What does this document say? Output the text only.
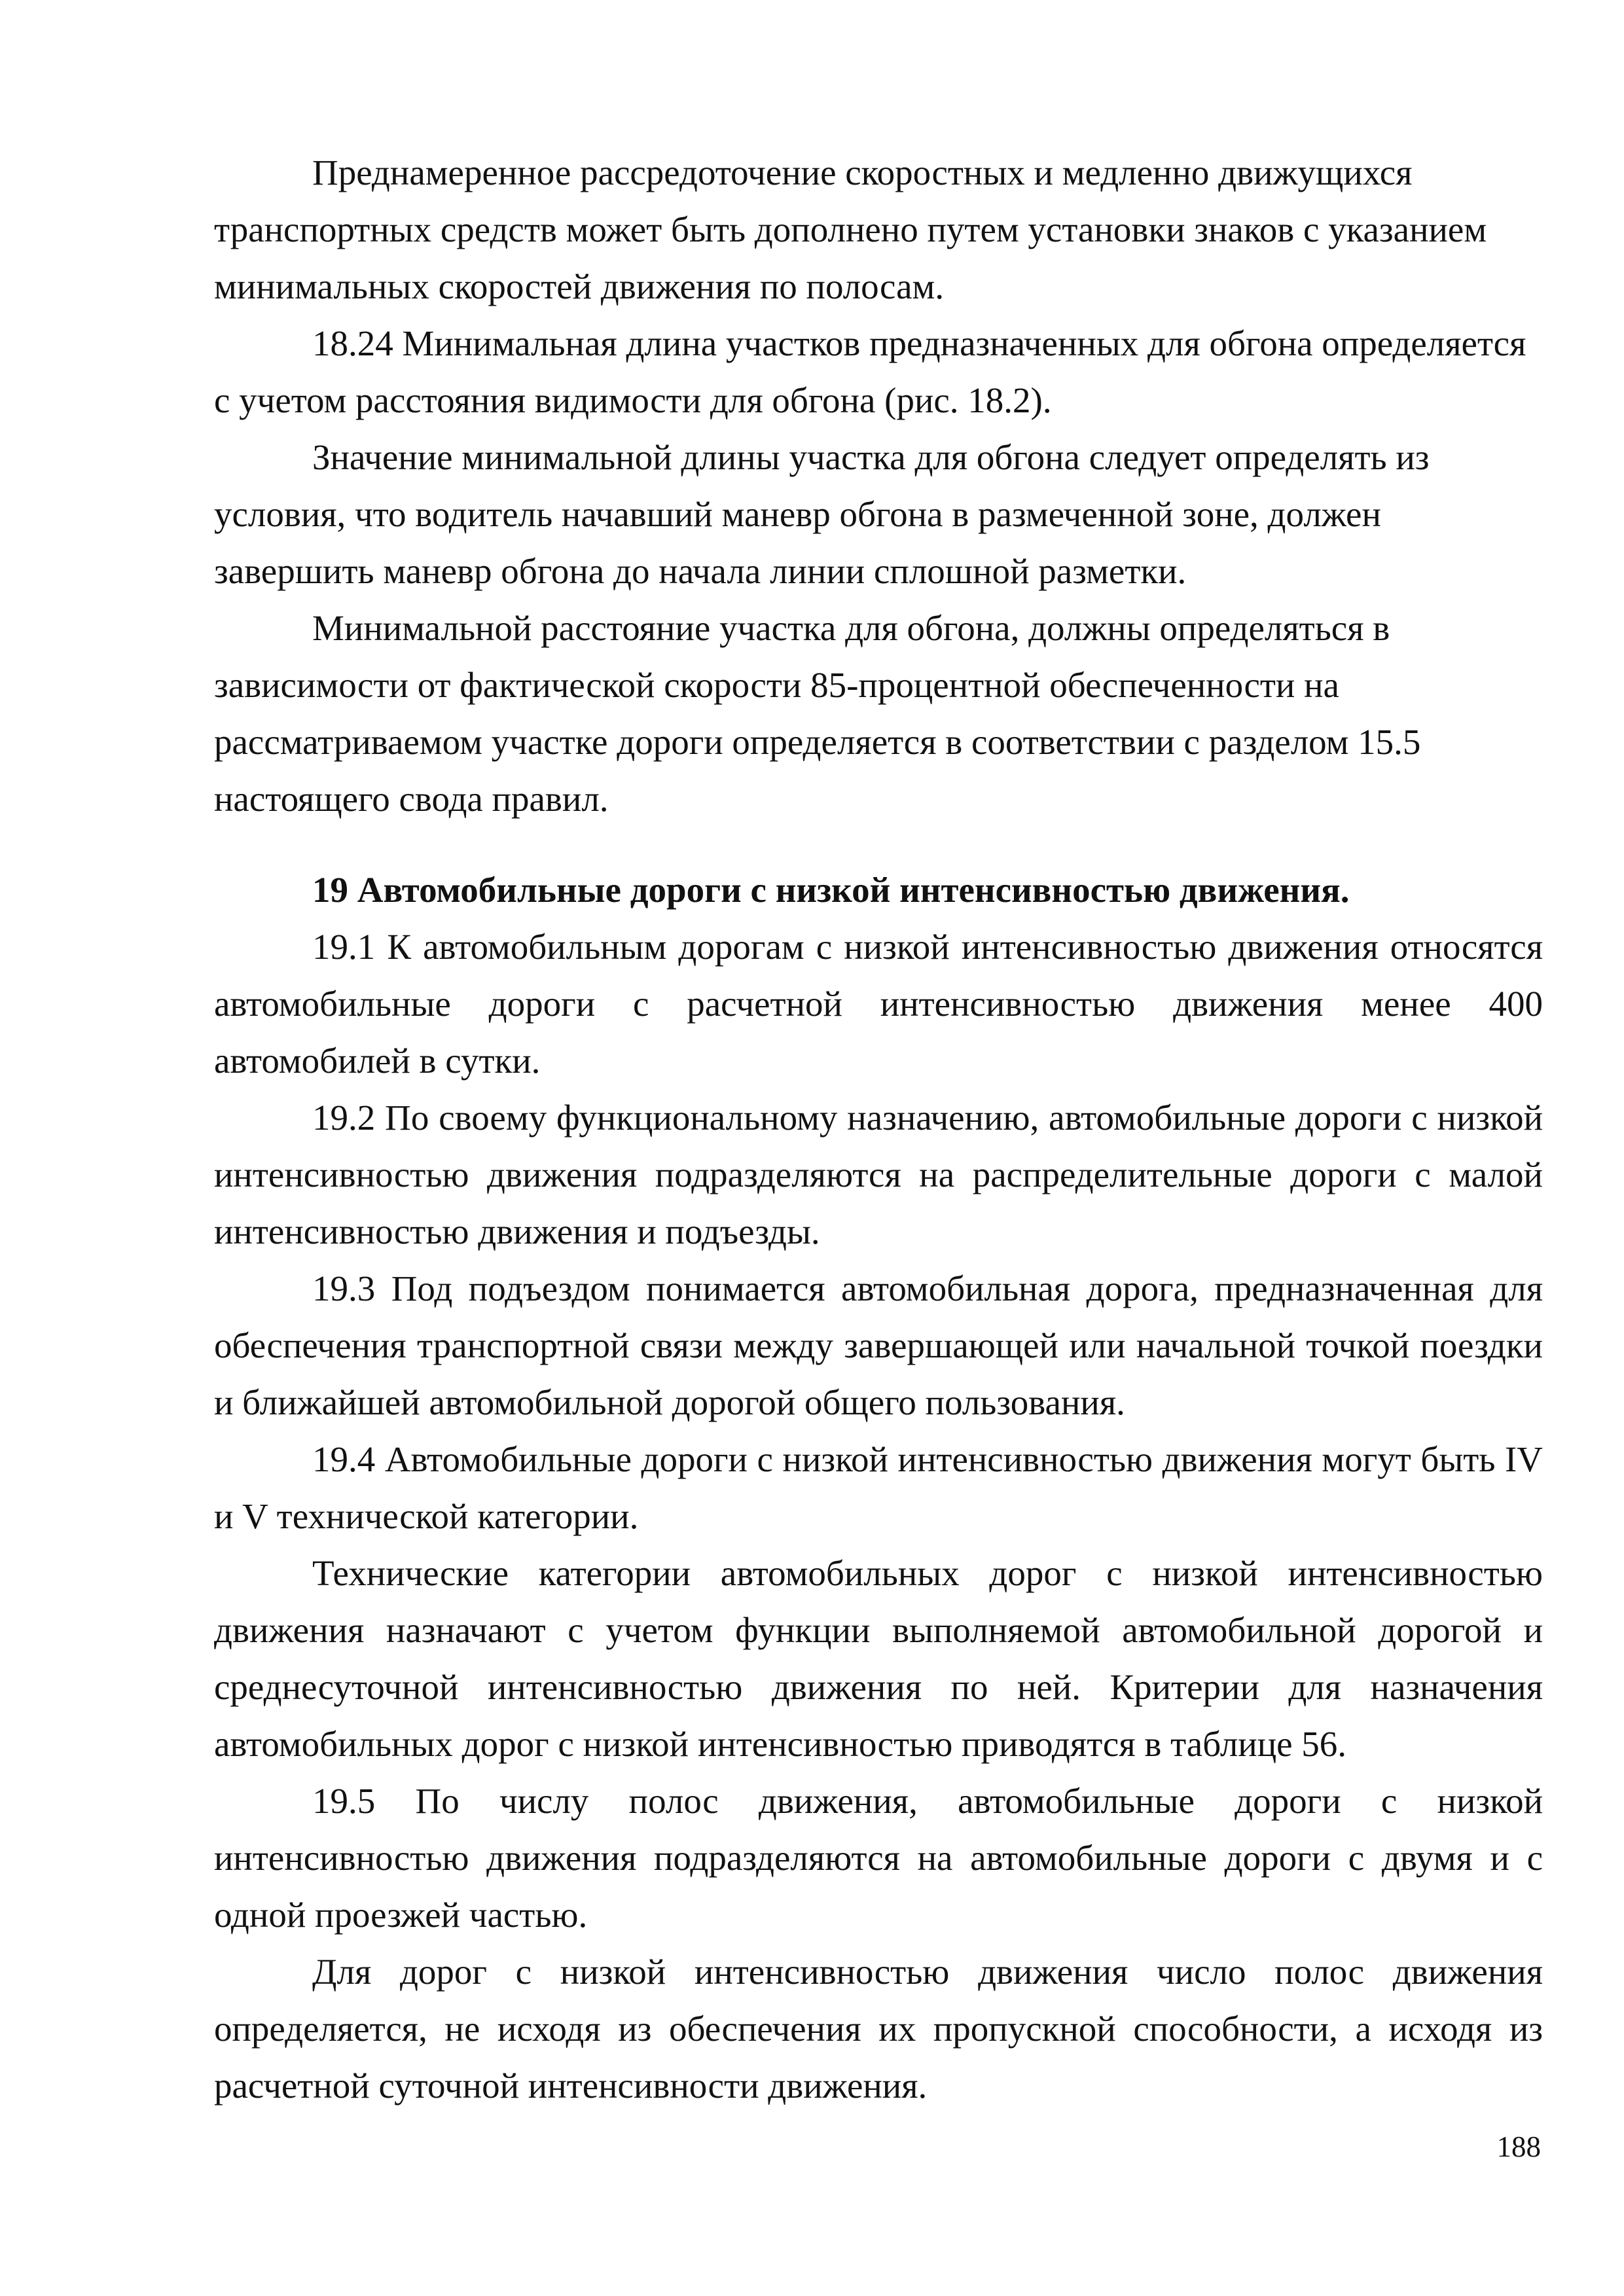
Преднамеренное рассредоточение скоростных и медленно движущихся транспортных средств может быть дополнено путем установки знаков с указанием минимальных скоростей движения по полосам.

18.24 Минимальная длина участков предназначенных для обгона определяется с учетом расстояния видимости для обгона (рис. 18.2).

Значение минимальной длины участка для обгона следует определять из условия, что водитель начавший маневр обгона в размеченной зоне, должен завершить маневр обгона до начала линии сплошной разметки.

Минимальной расстояние участка для обгона, должны определяться в зависимости от фактической скорости 85-процентной обеспеченности на рассматриваемом участке дороги определяется в соответствии с разделом 15.5 настоящего свода правил.

19 Автомобильные дороги с низкой интенсивностью движения.

19.1 К автомобильным дорогам с низкой интенсивностью движения относятся автомобильные дороги с расчетной интенсивностью движения менее 400 автомобилей в сутки.

19.2 По своему функциональному назначению, автомобильные дороги с низкой интенсивностью движения подразделяются на распределительные дороги с малой интенсивностью движения и подъезды.

19.3 Под подъездом понимается автомобильная дорога, предназначенная для обеспечения транспортной связи между завершающей или начальной точкой поездки и ближайшей автомобильной дорогой общего пользования.

19.4 Автомобильные дороги с низкой интенсивностью движения могут быть IV и V технической категории.

Технические категории автомобильных дорог с низкой интенсивностью движения назначают с учетом функции выполняемой автомобильной дорогой и среднесуточной интенсивностью движения по ней. Критерии для назначения автомобильных дорог с низкой интенсивностью приводятся в таблице 56.

19.5 По числу полос движения, автомобильные дороги с низкой интенсивностью движения подразделяются на автомобильные дороги с двумя и с одной проезжей частью.

Для дорог с низкой интенсивностью движения число полос движения определяется, не исходя из обеспечения их пропускной способности, а исходя из расчетной суточной интенсивности движения.

188
